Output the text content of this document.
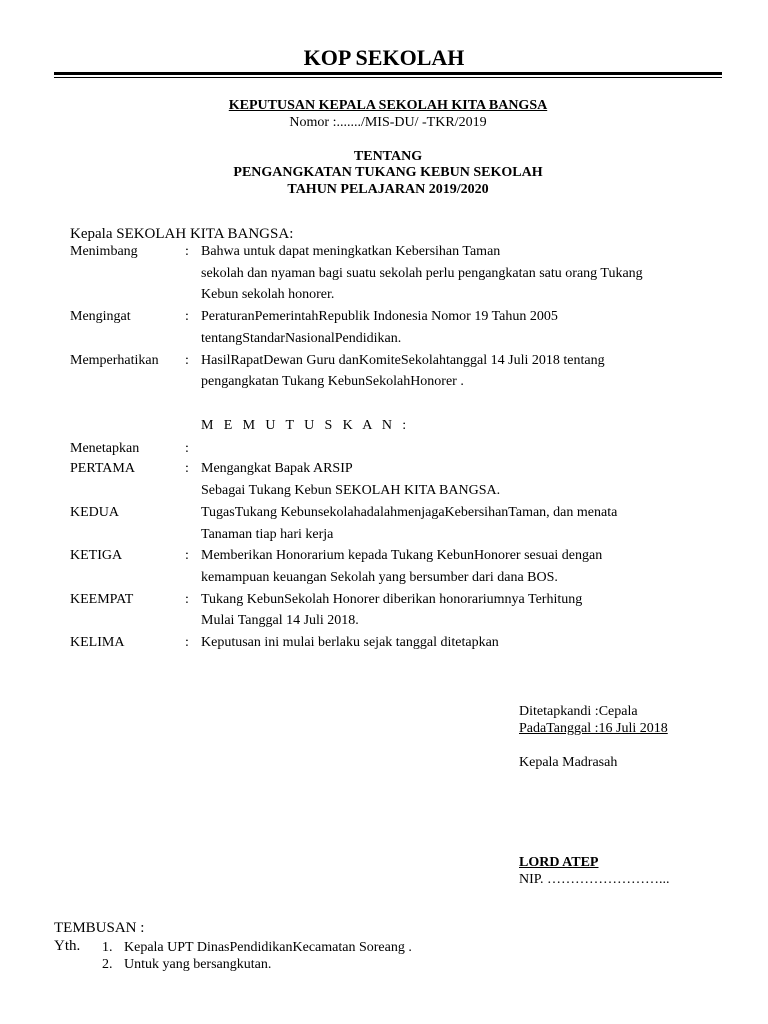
KOP SEKOLAH
KEPUTUSAN KEPALA SEKOLAH KITA BANGSA
Nomor :......./MIS-DU/ -TKR/2019
TENTANG
PENGANGKATAN TUKANG KEBUN SEKOLAH
TAHUN PELAJARAN 2019/2020
Kepala SEKOLAH KITA BANGSA:
Menimbang	: Bahwa untuk dapat meningkatkan Kebersihan Taman
sekolah dan nyaman bagi suatu sekolah perlu pengangkatan satu orang Tukang
Kebun sekolah honorer.
Mengingat	: PeraturanPemerintahRepublik Indonesia Nomor 19 Tahun 2005
tentangStandarNasionalPendidikan.
Memperhatikan : HasilRapatDewan Guru danKomiteSekolahtanggal 14 Juli 2018 tentang
pengangkatan Tukang KebunSekolahHonorer .
M E M U T U S K A N :
Menetapkan	:
PERTAMA	: Mengangkat Bapak ARSIP
Sebagai Tukang Kebun SEKOLAH KITA BANGSA.
KEDUA	TugasTukang KebunsekolahadalahmenjagaKebersihanTaman, dan menata
Tanaman tiap hari kerja
KETIGA	: Memberikan Honorarium kepada Tukang KebunHonorer sesuai dengan
kemampuan keuangan Sekolah yang bersumber dari dana BOS.
KEEMPAT	: Tukang KebunSekolah Honorer diberikan honorariumnya Terhitung
Mulai Tanggal 14 Juli 2018.
KELIMA	: Keputusan ini mulai berlaku sejak tanggal ditetapkan
Ditetapkandi :Cepala
PadaTanggal :16 Juli 2018
Kepala Madrasah
LORD ATEP
NIP. ……………………...
TEMBUSAN :
Yth. 1. Kepala UPT DinasPendidikanKecamatan Soreang .
2. Untuk yang bersangkutan.
